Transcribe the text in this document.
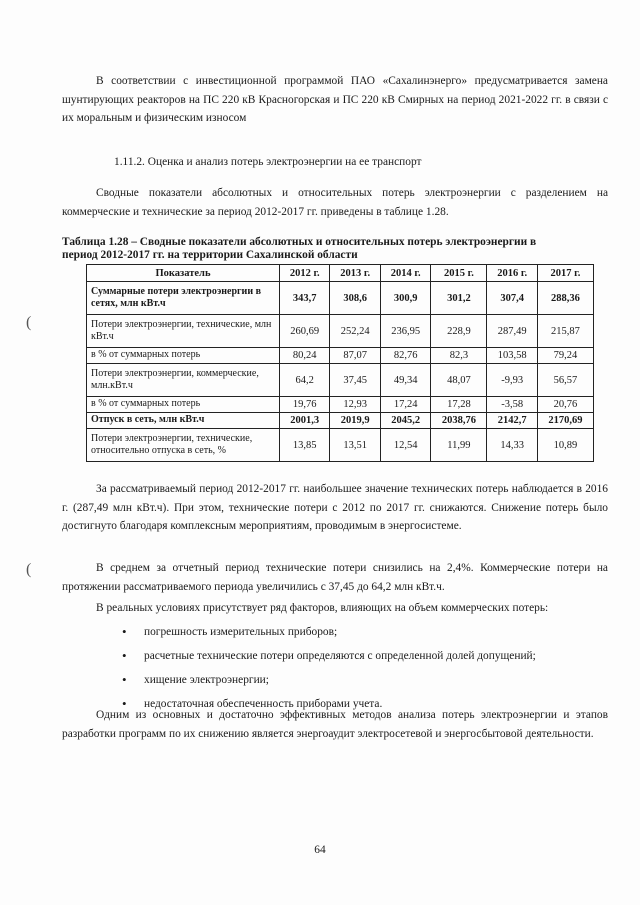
(
(

В соответствии с инвестиционной программой ПАО «Сахалинэнерго» предусматривается замена шунтирующих реакторов на ПС 220 кВ Красногорская и ПС 220 кВ Смирных на период 2021-2022 гг. в связи с их моральным и физическим износом

1.11.2. Оценка и анализ потерь электроэнергии на ее транспорт

Сводные показатели абсолютных и относительных потерь электроэнергии с разделением на коммерческие и технические за период 2012-2017 гг. приведены в таблице 1.28.

Таблица 1.28 – Сводные показатели абсолютных и относительных потерь электроэнергии в
период 2012-2017 гг. на территории Сахалинской области
Показатель	2012 г.	2013 г.	2014 г.	2015 г.	2016 г.	2017 г.
Суммарные потери электроэнергии в сетях, млн кВт.ч	343,7	308,6	300,9	301,2	307,4	288,36
Потери электроэнергии, технические, млн кВт.ч	260,69	252,24	236,95	228,9	287,49	215,87
в % от суммарных потерь	80,24	87,07	82,76	82,3	103,58	79,24
Потери электроэнергии, коммерческие, млн.кВт.ч	64,2	37,45	49,34	48,07	-9,93	56,57
в % от суммарных потерь	19,76	12,93	17,24	17,28	-3,58	20,76
Отпуск в сеть, млн кВт.ч	2001,3	2019,9	2045,2	2038,76	2142,7	2170,69
Потери электроэнергии, технические, относительно отпуска в сеть, %	13,85	13,51	12,54	11,99	14,33	10,89

За рассматриваемый период 2012-2017 гг. наибольшее значение технических потерь наблюдается в 2016 г. (287,49 млн кВт.ч). При этом, технические потери с 2012 по 2017 гг. снижаются. Снижение потерь было достигнуто благодаря комплексным мероприятиям, проводимым в энергосистеме.

В среднем за отчетный период технические потери снизились на 2,4%. Коммерческие потери на протяжении рассматриваемого периода увеличились с 37,45 до 64,2 млн кВт.ч.

В реальных условиях присутствует ряд факторов, влияющих на объем коммерческих потерь:

• погрешность измерительных приборов;
• расчетные технические потери определяются с определенной долей допущений;
• хищение электроэнергии;
• недостаточная обеспеченность приборами учета.

Одним из основных и достаточно эффективных методов анализа потерь электроэнергии и этапов разработки программ по их снижению является энергоаудит электросетевой и энергосбытовой деятельности.

64
